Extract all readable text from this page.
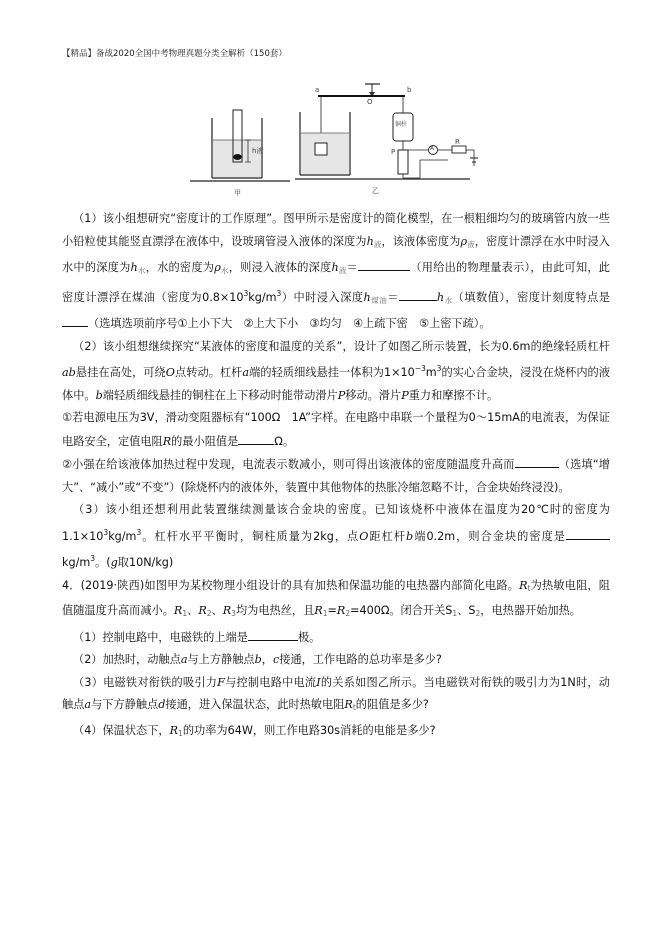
【精品】备战2020全国中考物理真题分类全解析（150套）
甲	乙
h液
a	b
O
P
R
铜柱
A

（1）该小组想研究“密度计的工作原理”。图甲所示是密度计的简化模型，在一根粗细均匀的玻璃管内放一些小铅粒使其能竖直漂浮在液体中，设玻璃管浸入液体的深度为$h_液$，该液体密度为$\rho_液$，密度计漂浮在水中时浸入水中的深度为$h_水$，水的密度为$\rho_水$，则浸入液体的深度$h_液=$	（用给出的物理量表示），由此可知，此密度计漂浮在煤油（密度为$0.8\times 10^3kg/m^3$）中时浸入深度$h_{煤油}=$	$h_水$（填数值），密度计刻度特点是（选填选项前序号①上小下大　②上大下小　③均匀　④上疏下密　⑤上密下疏）。

（2）该小组想继续探究“某液体的密度和温度的关系”，设计了如图乙所示装置，长为0.6m的绝缘轻质杠杆ab悬挂在高处，可绕O点转动。杠杆a端的轻质细线悬挂一体积为$1\times 10^{-3}m^3$的实心合金块，浸没在烧杯内的液体中。b端轻质细线悬挂的铜柱在上下移动时能带动滑片P移动。滑片P重力和摩擦不计。

①若电源电压为3V，滑动变阻器标有“100Ω　1A”字样。在电路中串联一个量程为0～15mA的电流表，为保证电路安全，定值电阻R的最小阻值是	Ω。

②小强在给该液体加热过程中发现，电流表示数减小，则可得出该液体的密度随温度升高而	（选填“增大”、“减小”或“不变”）(除烧杯内的液体外，装置中其他物体的热胀冷缩忽略不计，合金块始终浸没)。

（3）该小组还想利用此装置继续测量该合金块的密度。已知该烧杯中液体在温度为20℃时的密度为$1.1\times 10^3kg/m^3$。杠杆水平平衡时，铜柱质量为2kg，点O距杠杆b端0.2m，则合金块的密度是$kg/m^3$。(g取10N/kg)

4．(2019·陕西)如图甲为某校物理小组设计的具有加热和保温功能的电热器内部简化电路。$R_t$为热敏电阻，阻值随温度升高而减小。$R_1$、$R_2$、$R_3$均为电热丝，且$R_1=R_2=400\Omega$。闭合开关$S_1$、$S_2$，电热器开始加热。

（1）控制电路中，电磁铁的上端是	极。

（2）加热时，动触点a与上方静触点b，c接通，工作电路的总功率是多少?

（3）电磁铁对衔铁的吸引力F与控制电路中电流I的关系如图乙所示。当电磁铁对衔铁的吸引力为1N时，动触点a与下方静触点d接通，进入保温状态，此时热敏电阻$R_t$的阻值是多少?

（4）保温状态下，$R_1$的功率为64W，则工作电路30s消耗的电能是多少?
